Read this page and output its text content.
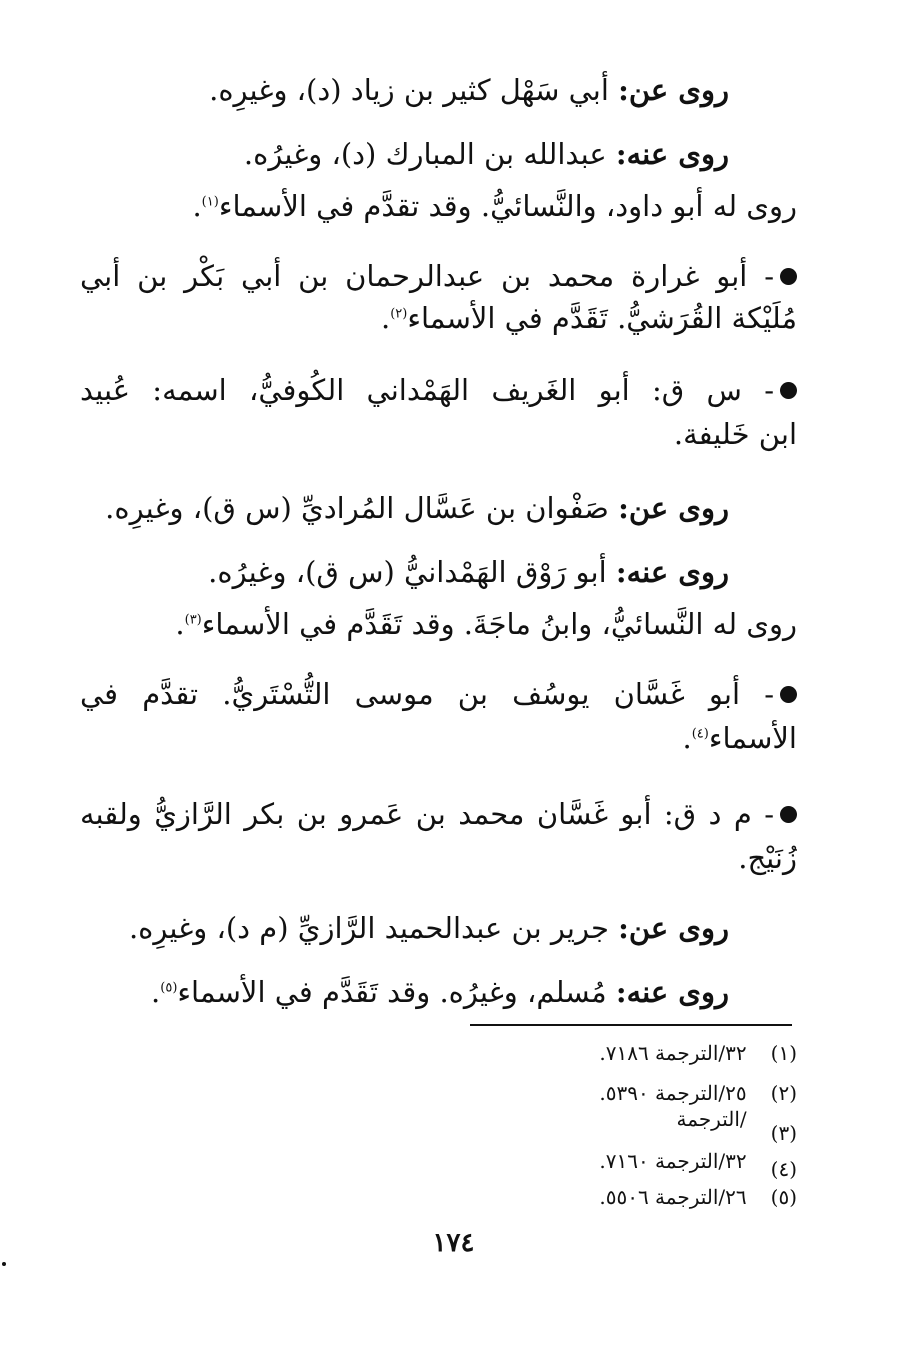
روى عن: أبي سَهْل كثير بن زياد (د)، وغيرِه.
روى عنه: عبدالله بن المبارك (د)، وغيرُه.
روى له أبو داود، والنَّسائيُّ. وقد تقدَّم في الأسماء$^{(١)}$.
- أبو غرارة محمد بن عبدالرحمان بن أبي بَكْر بن أبي
مُلَيْكة القُرَشيُّ. تَقَدَّم في الأسماء$^{(٢)}$.
- س ق: أبو الغَريف الهَمْداني الكُوفيُّ، اسمه: عُبيد
ابن خَليفة.
روى عن: صَفْوان بن عَسَّال المُراديِّ (س ق)، وغيرِه.
روى عنه: أبو رَوْق الهَمْدانيُّ (س ق)، وغيرُه.
روى له النَّسائيُّ، وابنُ ماجَةَ. وقد تَقَدَّم في الأسماء$^{(٣)}$.
- أبو غَسَّان يوسُف بن موسى التُّسْتَريُّ. تقدَّم في
الأسماء$^{(٤)}$.
- م د ق: أبو غَسَّان محمد بن عَمرو بن بكر الرَّازيُّ ولقبه
زُنَيْج.
روى عن: جرير بن عبدالحميد الرَّازيِّ (م د)، وغيرِه.
روى عنه: مُسلم، وغيرُه. وقد تَقَدَّم في الأسماء$^{(٥)}$.
(١) ٣٢/الترجمة ٧١٨٦.
(٢) ٢٥/الترجمة ٥٣٩٠.
(٣) /الترجمة
(٤) ٣٢/الترجمة ٧١٦٠.
(٥) ٢٦/الترجمة ٥٥٠٦.
١٧٤
